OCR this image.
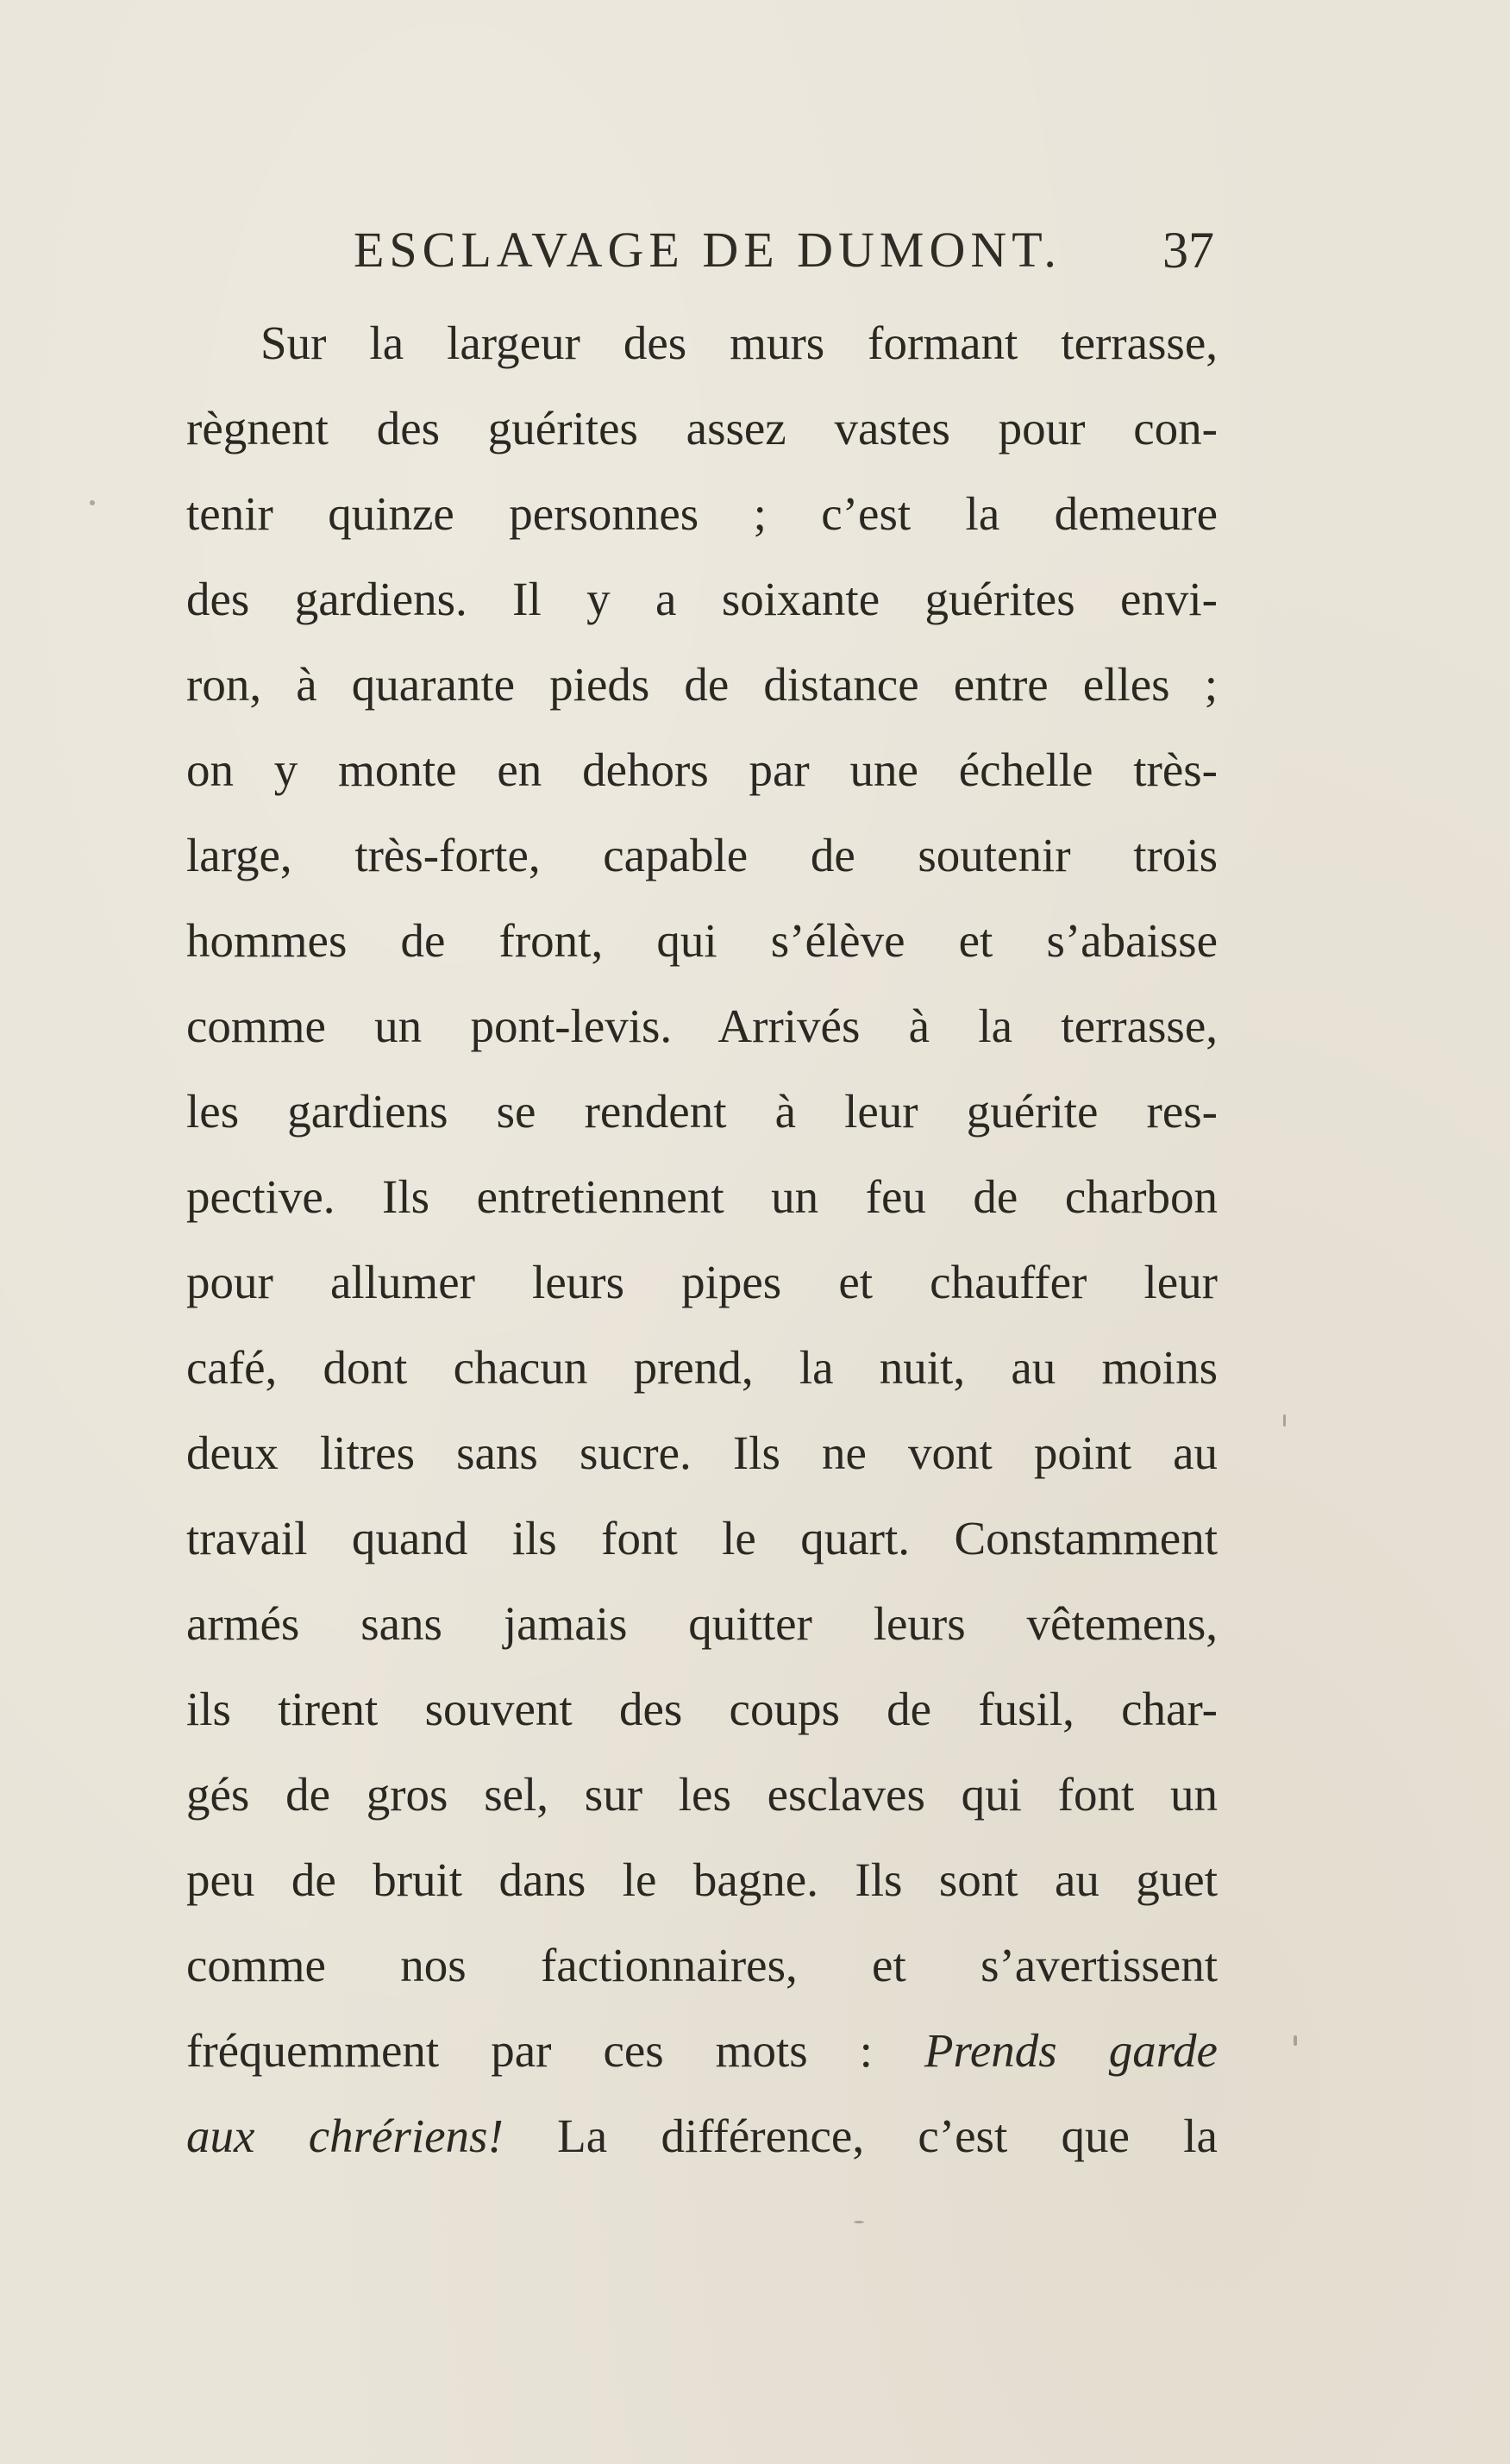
ESCLAVAGE DE DUMONT. 37
Sur la largeur des murs formant terrasse,
règnent des guérites assez vastes pour con-
tenir quinze personnes ; c’est la demeure
des gardiens. Il y a soixante guérites envi-
ron, à quarante pieds de distance entre elles ;
on y monte en dehors par une échelle très-
large, très-forte, capable de soutenir trois
hommes de front, qui s’élève et s’abaisse
comme un pont-levis. Arrivés à la terrasse,
les gardiens se rendent à leur guérite res-
pective. Ils entretiennent un feu de charbon
pour allumer leurs pipes et chauffer leur
café, dont chacun prend, la nuit, au moins
deux litres sans sucre. Ils ne vont point au
travail quand ils font le quart. Constamment
armés sans jamais quitter leurs vêtemens,
ils tirent souvent des coups de fusil, char-
gés de gros sel, sur les esclaves qui font un
peu de bruit dans le bagne. Ils sont au guet
comme nos factionnaires, et s’avertissent
fréquemment par ces mots : Prends garde
aux chrériens! La différence, c’est que la
